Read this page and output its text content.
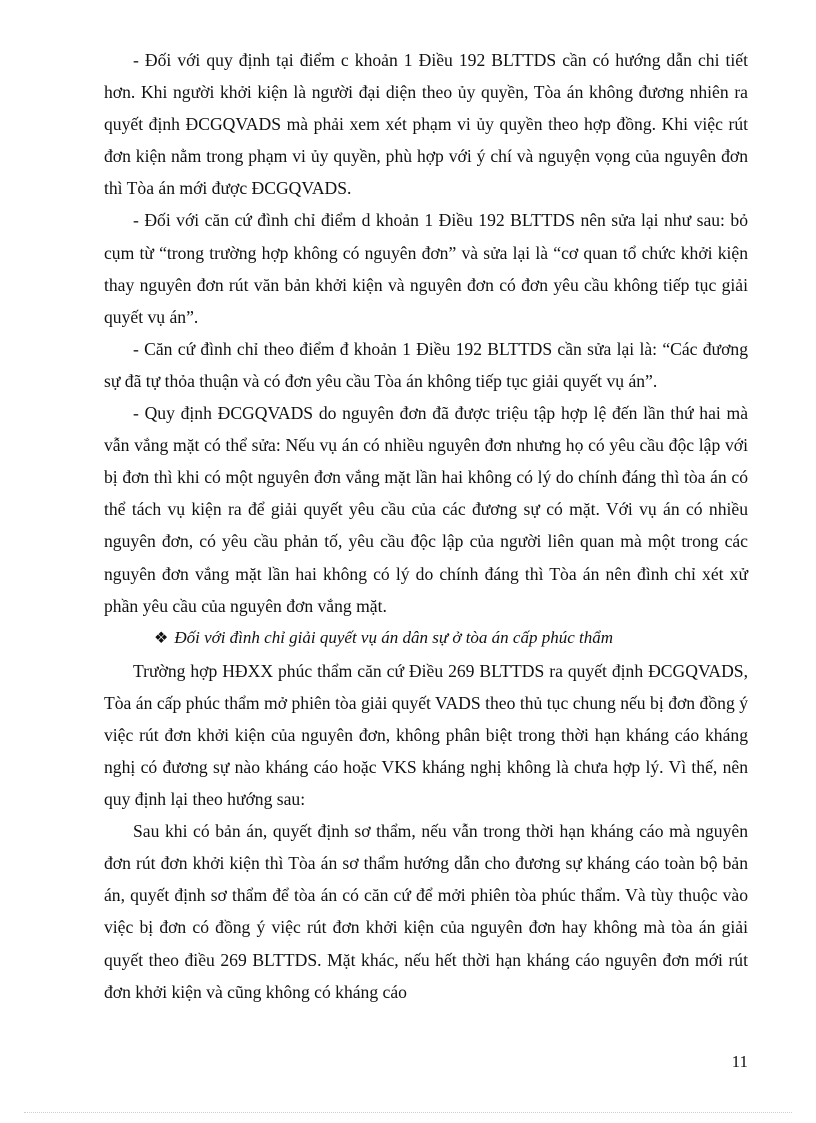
- Đối với quy định tại điểm c khoản 1 Điều 192 BLTTDS cần có hướng dẫn chi tiết hơn. Khi người khởi kiện là người đại diện theo ủy quyền, Tòa án không đương nhiên ra quyết định ĐCGQVADS mà phải xem xét phạm vi ủy quyền theo hợp đồng. Khi việc rút đơn kiện nằm trong phạm vi ủy quyền, phù hợp với ý chí và nguyện vọng của nguyên đơn thì Tòa án mới được ĐCGQVADS.

- Đối với căn cứ đình chỉ điểm d khoản 1 Điều 192 BLTTDS nên sửa lại như sau: bỏ cụm từ “trong trường hợp không có nguyên đơn” và sửa lại là “cơ quan tổ chức khởi kiện thay nguyên đơn rút văn bản khởi kiện và nguyên đơn có đơn yêu cầu không tiếp tục giải quyết vụ án”.

- Căn cứ đình chỉ theo điểm đ khoản 1 Điều 192 BLTTDS cần sửa lại là: “Các đương sự đã tự thỏa thuận và có đơn yêu cầu Tòa án không tiếp tục giải quyết vụ án”.

- Quy định ĐCGQVADS do nguyên đơn đã được triệu tập hợp lệ đến lần thứ hai mà vẫn vắng mặt có thể sửa: Nếu vụ án có nhiều nguyên đơn nhưng họ có yêu cầu độc lập với bị đơn thì khi có một nguyên đơn vắng mặt lần hai không có lý do chính đáng thì tòa án có thể tách vụ kiện ra để giải quyết yêu cầu của các đương sự có mặt. Với vụ án có nhiều nguyên đơn, có yêu cầu phản tố, yêu cầu độc lập của người liên quan mà một trong các nguyên đơn vắng mặt lần hai không có lý do chính đáng thì Tòa án nên đình chỉ xét xử phần yêu cầu của nguyên đơn vắng mặt.

❖ Đối với đình chỉ giải quyết vụ án dân sự ở tòa án cấp phúc thẩm

Trường hợp HĐXX phúc thẩm căn cứ Điều 269 BLTTDS ra quyết định ĐCGQVADS, Tòa án cấp phúc thẩm mở phiên tòa giải quyết VADS theo thủ tục chung nếu bị đơn đồng ý việc rút đơn khởi kiện của nguyên đơn, không phân biệt trong thời hạn kháng cáo kháng nghị có đương sự nào kháng cáo hoặc VKS kháng nghị không là chưa hợp lý. Vì thế, nên quy định lại theo hướng sau:

Sau khi có bản án, quyết định sơ thẩm, nếu vẫn trong thời hạn kháng cáo mà nguyên đơn rút đơn khởi kiện thì Tòa án sơ thẩm hướng dẫn cho đương sự kháng cáo toàn bộ bản án, quyết định sơ thẩm để tòa án có căn cứ để mởi phiên tòa phúc thẩm. Và tùy thuộc vào việc bị đơn có đồng ý việc rút đơn khởi kiện của nguyên đơn hay không mà tòa án giải quyết theo điều 269 BLTTDS. Mặt khác, nếu hết thời hạn kháng cáo nguyên đơn mới rút đơn khởi kiện và cũng không có kháng cáo

11
